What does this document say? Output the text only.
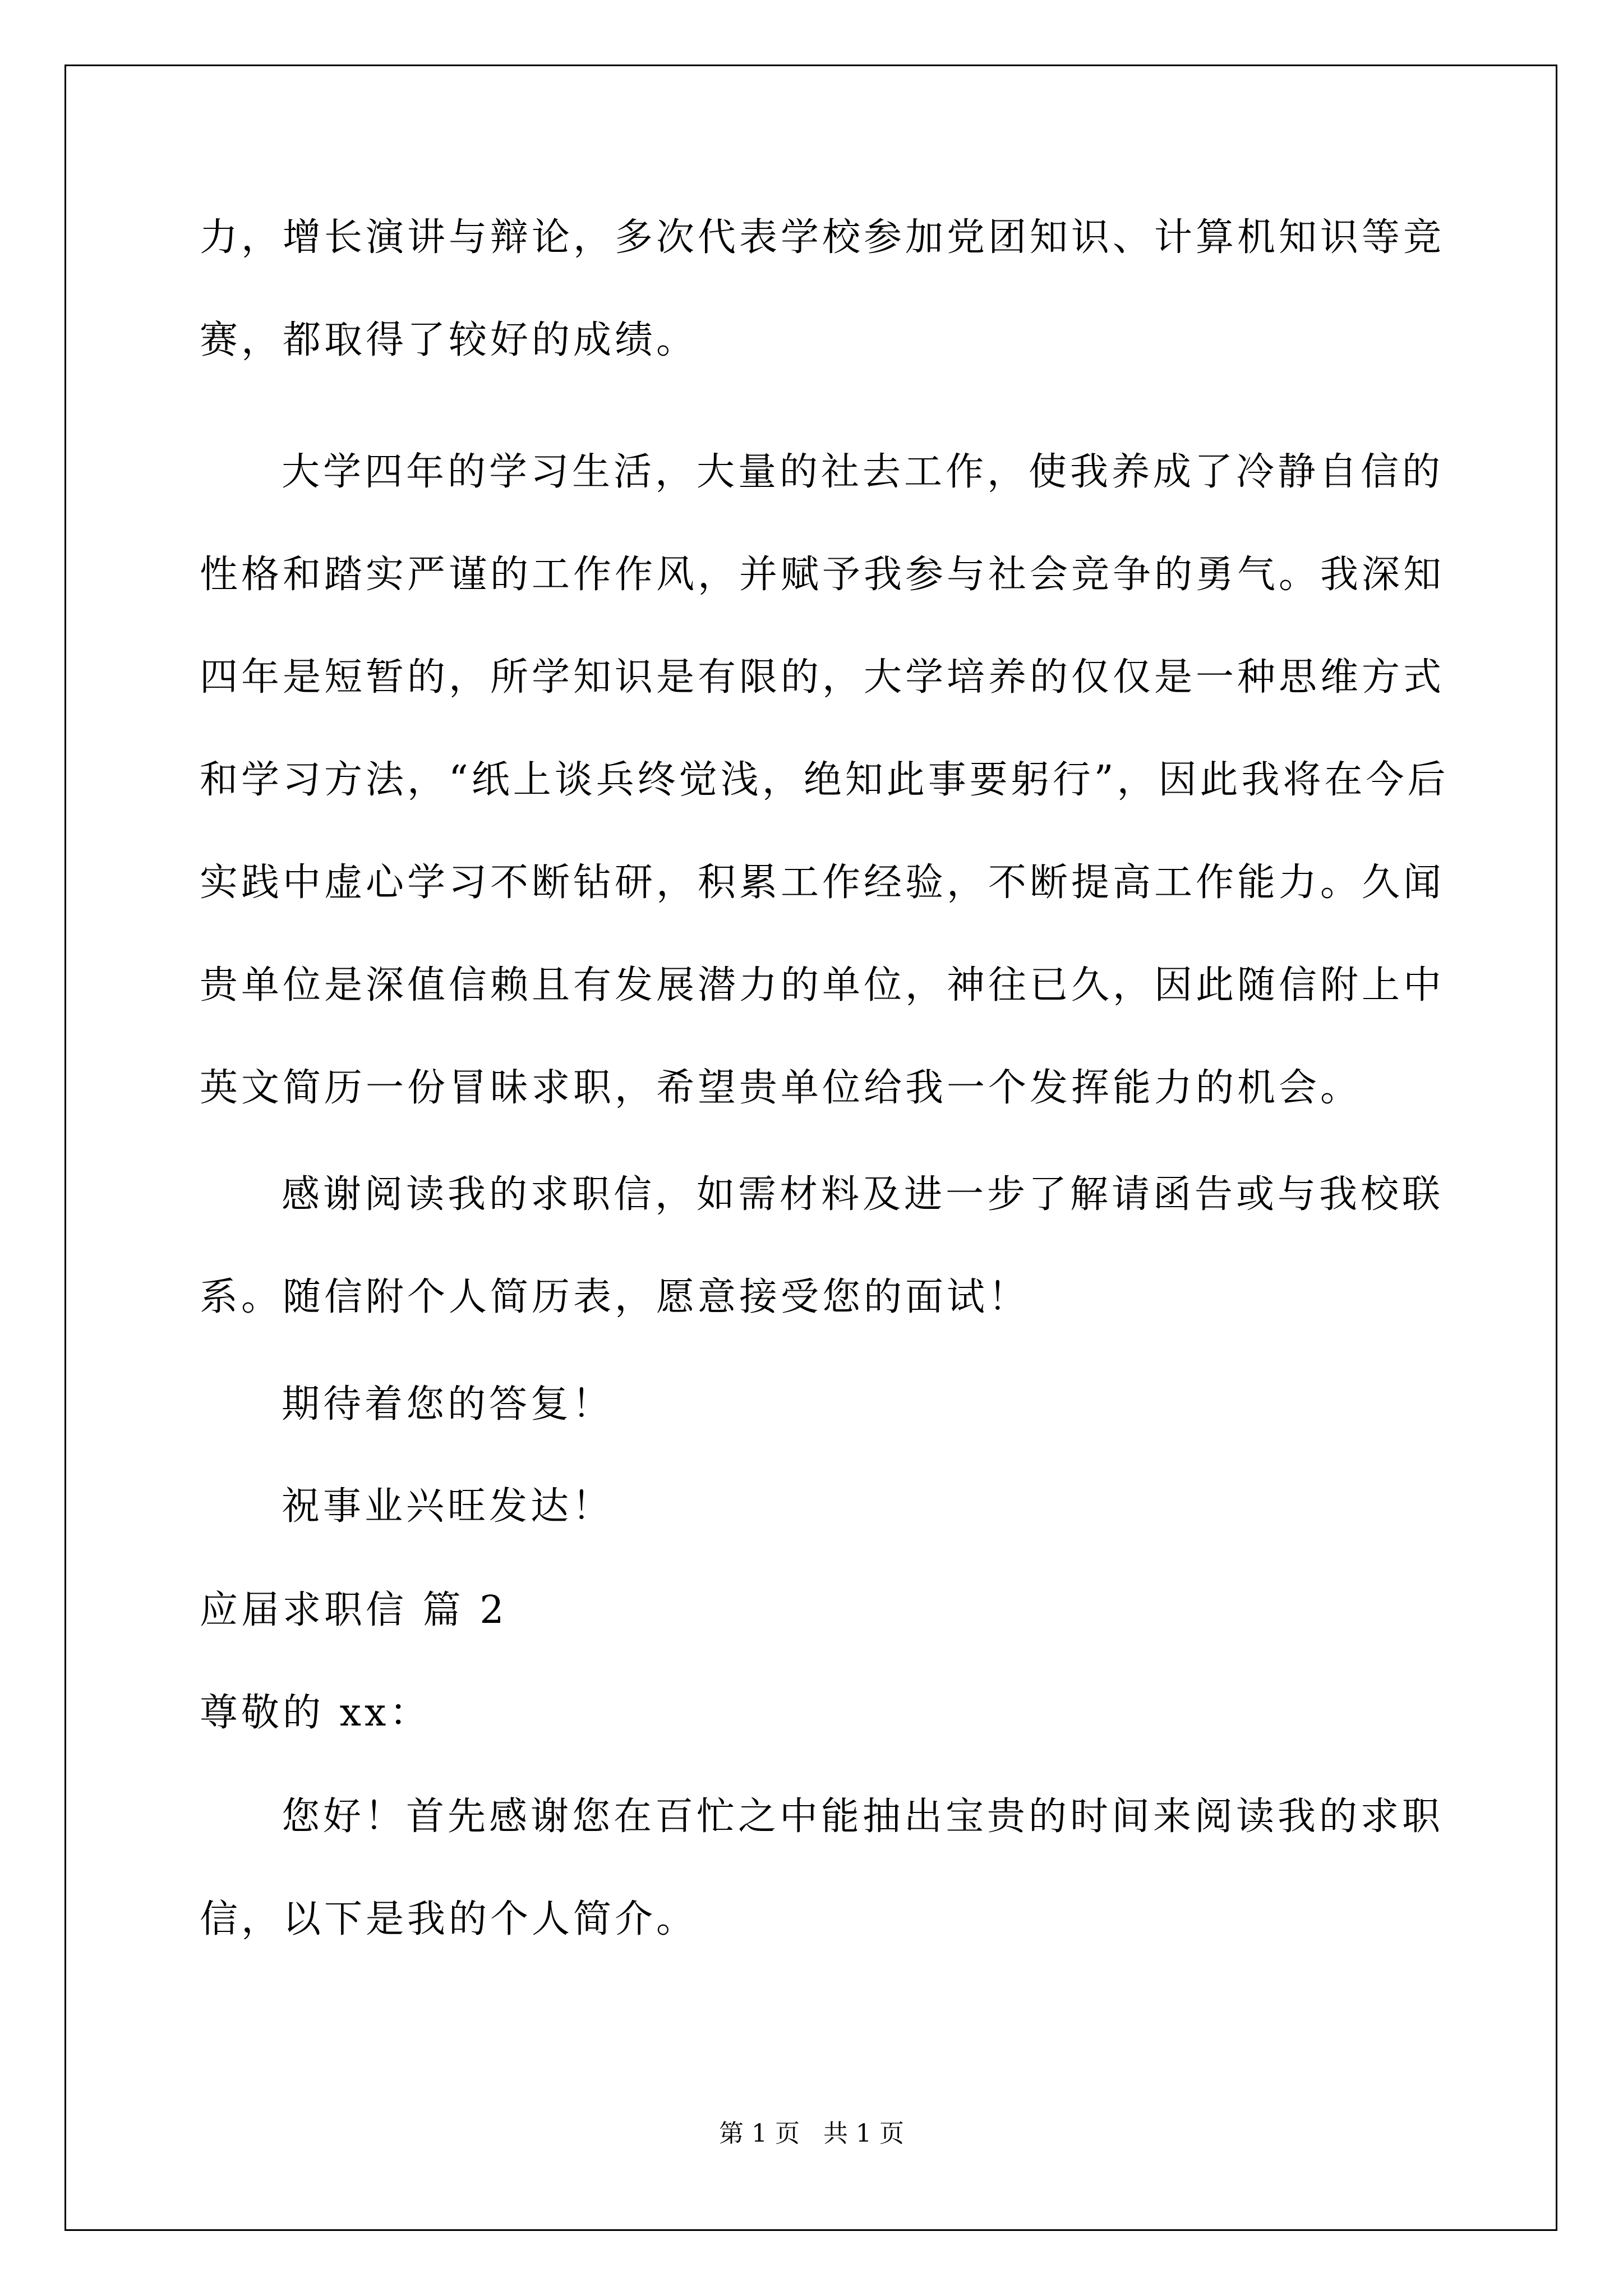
力，增长演讲与辩论，多次代表学校参加党团知识、计算机知识等竞
赛，都取得了较好的成绩。
大学四年的学习生活，大量的社去工作，使我养成了冷静自信的
性格和踏实严谨的工作作风，并赋予我参与社会竞争的勇气。我深知
四年是短暂的，所学知识是有限的，大学培养的仅仅是一种思维方式
和学习方法，“纸上谈兵终觉浅，绝知此事要躬行”，因此我将在今后
实践中虚心学习不断钻研，积累工作经验，不断提高工作能力。久闻
贵单位是深值信赖且有发展潜力的单位，神往已久，因此随信附上中
英文简历一份冒昧求职，希望贵单位给我一个发挥能力的机会。
感谢阅读我的求职信，如需材料及进一步了解请函告或与我校联
系。随信附个人简历表，愿意接受您的面试！
期待着您的答复！
祝事业兴旺发达！
应届求职信 篇 2
尊敬的 xx：
您好！首先感谢您在百忙之中能抽出宝贵的时间来阅读我的求职
信，以下是我的个人简介。
第 1 页   共 1 页
